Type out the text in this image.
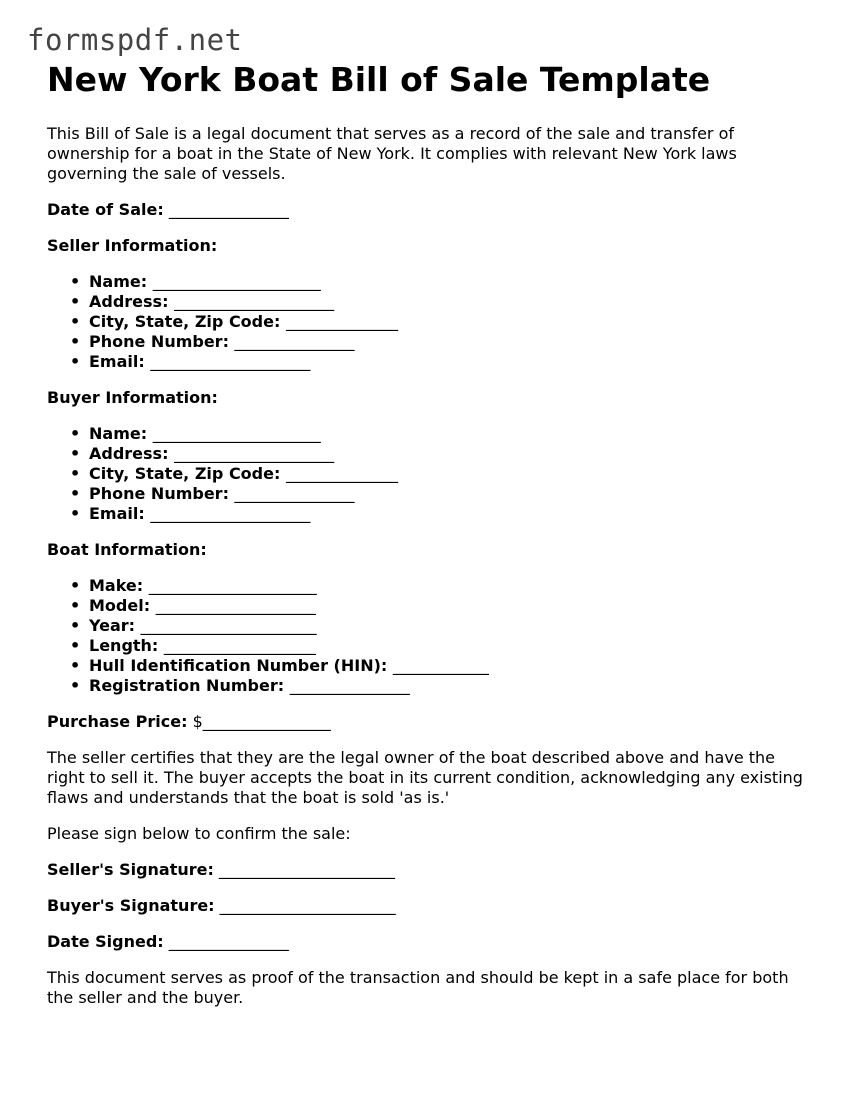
formspdf.net
New York Boat Bill of Sale Template

This Bill of Sale is a legal document that serves as a record of the sale and transfer of ownership for a boat in the State of New York. It complies with relevant New York laws governing the sale of vessels.

Date of Sale: _______________

Seller Information:
• Name: _____________________
• Address: ____________________
• City, State, Zip Code: ______________
• Phone Number: _______________
• Email: ____________________
Buyer Information:
• Name: _____________________
• Address: ____________________
• City, State, Zip Code: ______________
• Phone Number: _______________
• Email: ____________________
Boat Information:
• Make: _____________________
• Model: ____________________
• Year: ______________________
• Length: ___________________
• Hull Identification Number (HIN): ____________
• Registration Number: _______________

Purchase Price: $________________

The seller certifies that they are the legal owner of the boat described above and have the right to sell it. The buyer accepts the boat in its current condition, acknowledging any existing flaws and understands that the boat is sold 'as is.'

Please sign below to confirm the sale:

Seller's Signature: ______________________

Buyer's Signature: ______________________

Date Signed: _______________

This document serves as proof of the transaction and should be kept in a safe place for both the seller and the buyer.
